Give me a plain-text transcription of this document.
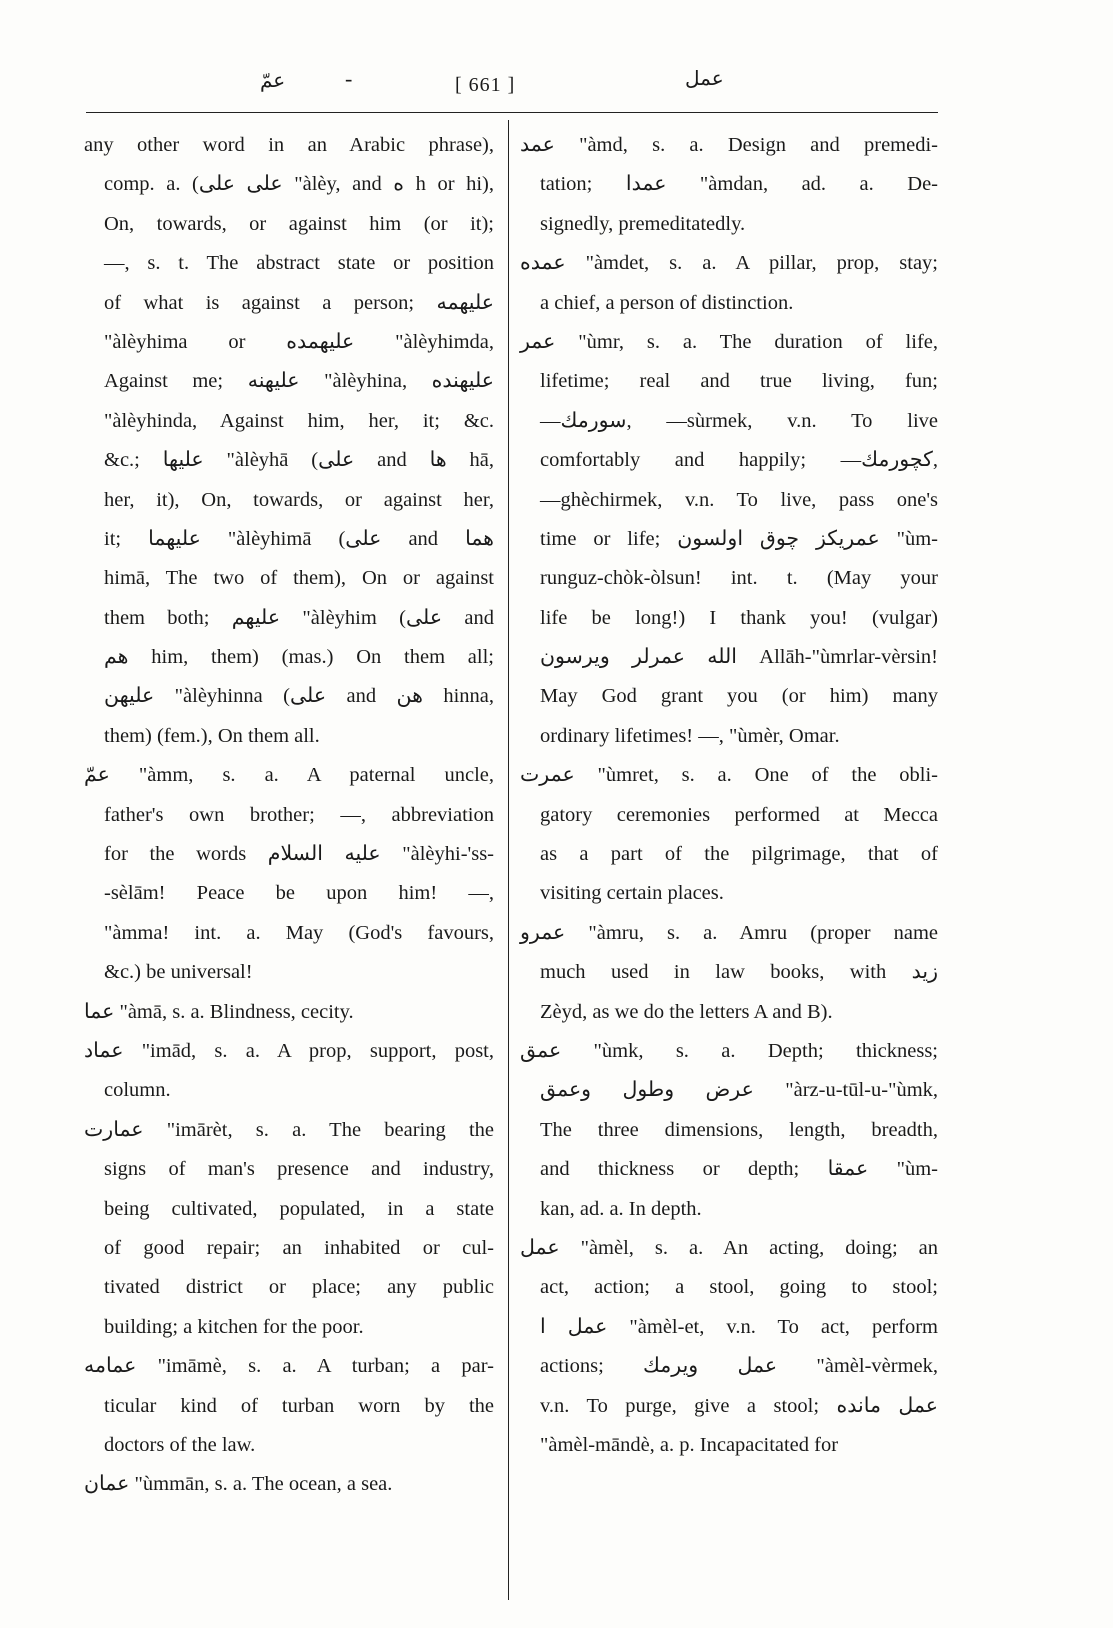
عمّ	-	[ 661 ]	عمل
any other word in an Arabic phrase),
comp. a. (على علی "àlèy, and ه h or hi),
On, towards, or against him (or it);
—, s. t. The abstract state or position
of what is against a person; علیهمه
"àlèyhima or علیهمده "àlèyhimda,
Against me; علیهنه "àlèyhina, علیهنده
"àlèyhinda, Against him, her, it; &c.
&c.; علیها "àlèyhā (على and ها hā,
her, it), On, towards, or against her,
it; علیهما "àlèyhimā (على and هما
himā, The two of them), On or against
them both; علیهم "àlèyhim (على and
هم him, them) (mas.) On them all;
علیهن "àlèyhinna (على and هن hinna,
them) (fem.), On them all.
عمّ "àmm, s. a. A paternal uncle,
father's own brother; —, abbreviation
for the words علیه السلام "àlèyhi-'ss-
-sèlām! Peace be upon him! —,
"àmma! int. a. May (God's favours,
&c.) be universal!
عما "àmā, s. a. Blindness, cecity.
عماد "imād, s. a. A prop, support, post,
column.
عمارت "imārèt, s. a. The bearing the
signs of man's presence and industry,
being cultivated, populated, in a state
of good repair; an inhabited or cul-
tivated district or place; any public
building; a kitchen for the poor.
عمامه "imāmè, s. a. A turban; a par-
ticular kind of turban worn by the
doctors of the law.
عمان "ùmmān, s. a. The ocean, a sea.
عمد "àmd, s. a. Design and premedi-
tation; عمدا "àmdan, ad. a. De-
signedly, premeditatedly.
عمده "àmdet, s. a. A pillar, prop, stay;
a chief, a person of distinction.
عمر "ùmr, s. a. The duration of life,
lifetime; real and true living, fun;
—سورمك, —sùrmek, v.n. To live
comfortably and happily; —كچورمك,
—ghèchirmek, v.n. To live, pass one's
time or life; عمریكز چوق اولسون "ùm-
runguz-chòk-òlsun! int. t. (May your
life be long!) I thank you! (vulgar)
الله عمرلر ویرسون Allāh-"ùmrlar-vèrsin!
May God grant you (or him) many
ordinary lifetimes! —, "ùmèr, Omar.
عمرت "ùmret, s. a. One of the obli-
gatory ceremonies performed at Mecca
as a part of the pilgrimage, that of
visiting certain places.
عمرو "àmru, s. a. Amru (proper name
much used in law books, with زید
Zèyd, as we do the letters A and B).
عمق "ùmk, s. a. Depth; thickness;
عرض وطول وعمق "àrz-u-tūl-u-"ùmk,
The three dimensions, length, breadth,
and thickness or depth; عمقا "ùm-
kan, ad. a. In depth.
عمل "àmèl, s. a. An acting, doing; an
act, action; a stool, going to stool;
عمل ا "àmèl-et, v.n. To act, perform
actions; عمل ویرمك "àmèl-vèrmek,
v.n. To purge, give a stool; عمل مانده
"àmèl-māndè, a. p. Incapacitated for
